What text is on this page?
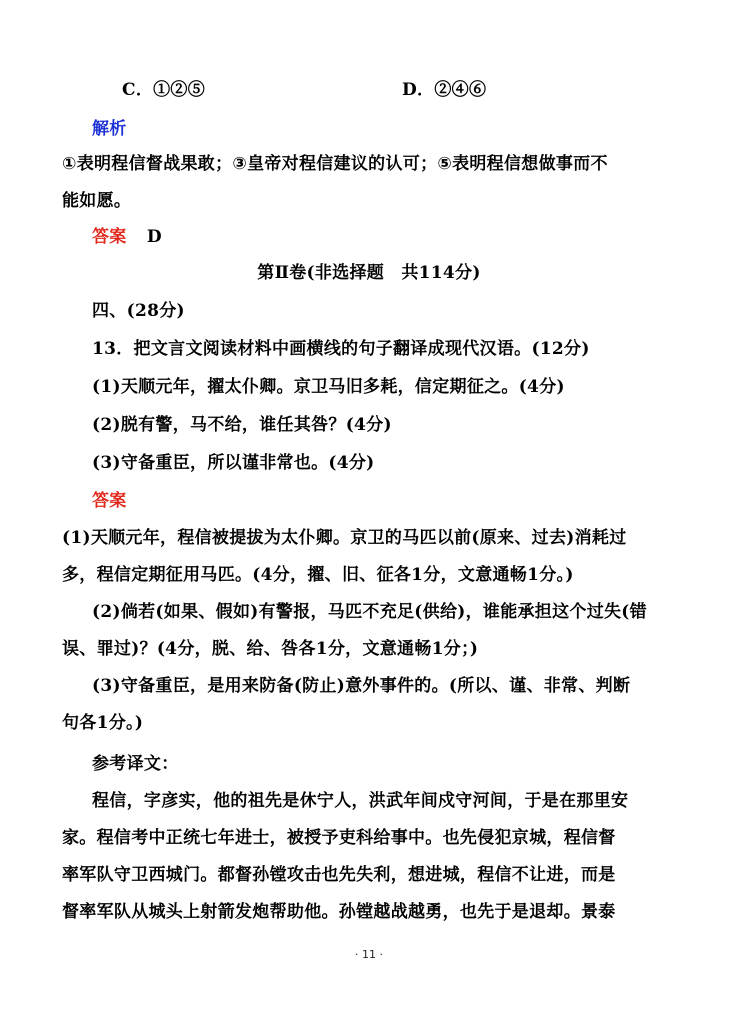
C．①②⑤	D．②④⑥
解析
①表明程信督战果敢；③皇帝对程信建议的认可；⑤表明程信想做事而不
能如愿。
答案 D
第Ⅱ卷(非选择题　共114分)
四、(28分)
13．把文言文阅读材料中画横线的句子翻译成现代汉语。(12分)
(1)天顺元年，擢太仆卿。京卫马旧多耗，信定期征之。(4分)
(2)脱有警，马不给，谁任其咎？(4分)
(3)守备重臣，所以谨非常也。(4分)
答案
(1)天顺元年，程信被提拔为太仆卿。京卫的马匹以前(原来、过去)消耗过
多，程信定期征用马匹。(4分，擢、旧、征各1分，文意通畅1分。)
(2)倘若(如果、假如)有警报，马匹不充足(供给)，谁能承担这个过失(错
误、罪过)？(4分，脱、给、咎各1分，文意通畅1分；)
(3)守备重臣，是用来防备(防止)意外事件的。(所以、谨、非常、判断
句各1分。)
参考译文：
程信，字彦实，他的祖先是休宁人，洪武年间戍守河间，于是在那里安
家。程信考中正统七年进士，被授予吏科给事中。也先侵犯京城，程信督
率军队守卫西城门。都督孙镗攻击也先失利，想进城，程信不让进，而是
督率军队从城头上射箭发炮帮助他。孙镗越战越勇，也先于是退却。景泰
· 11 ·
